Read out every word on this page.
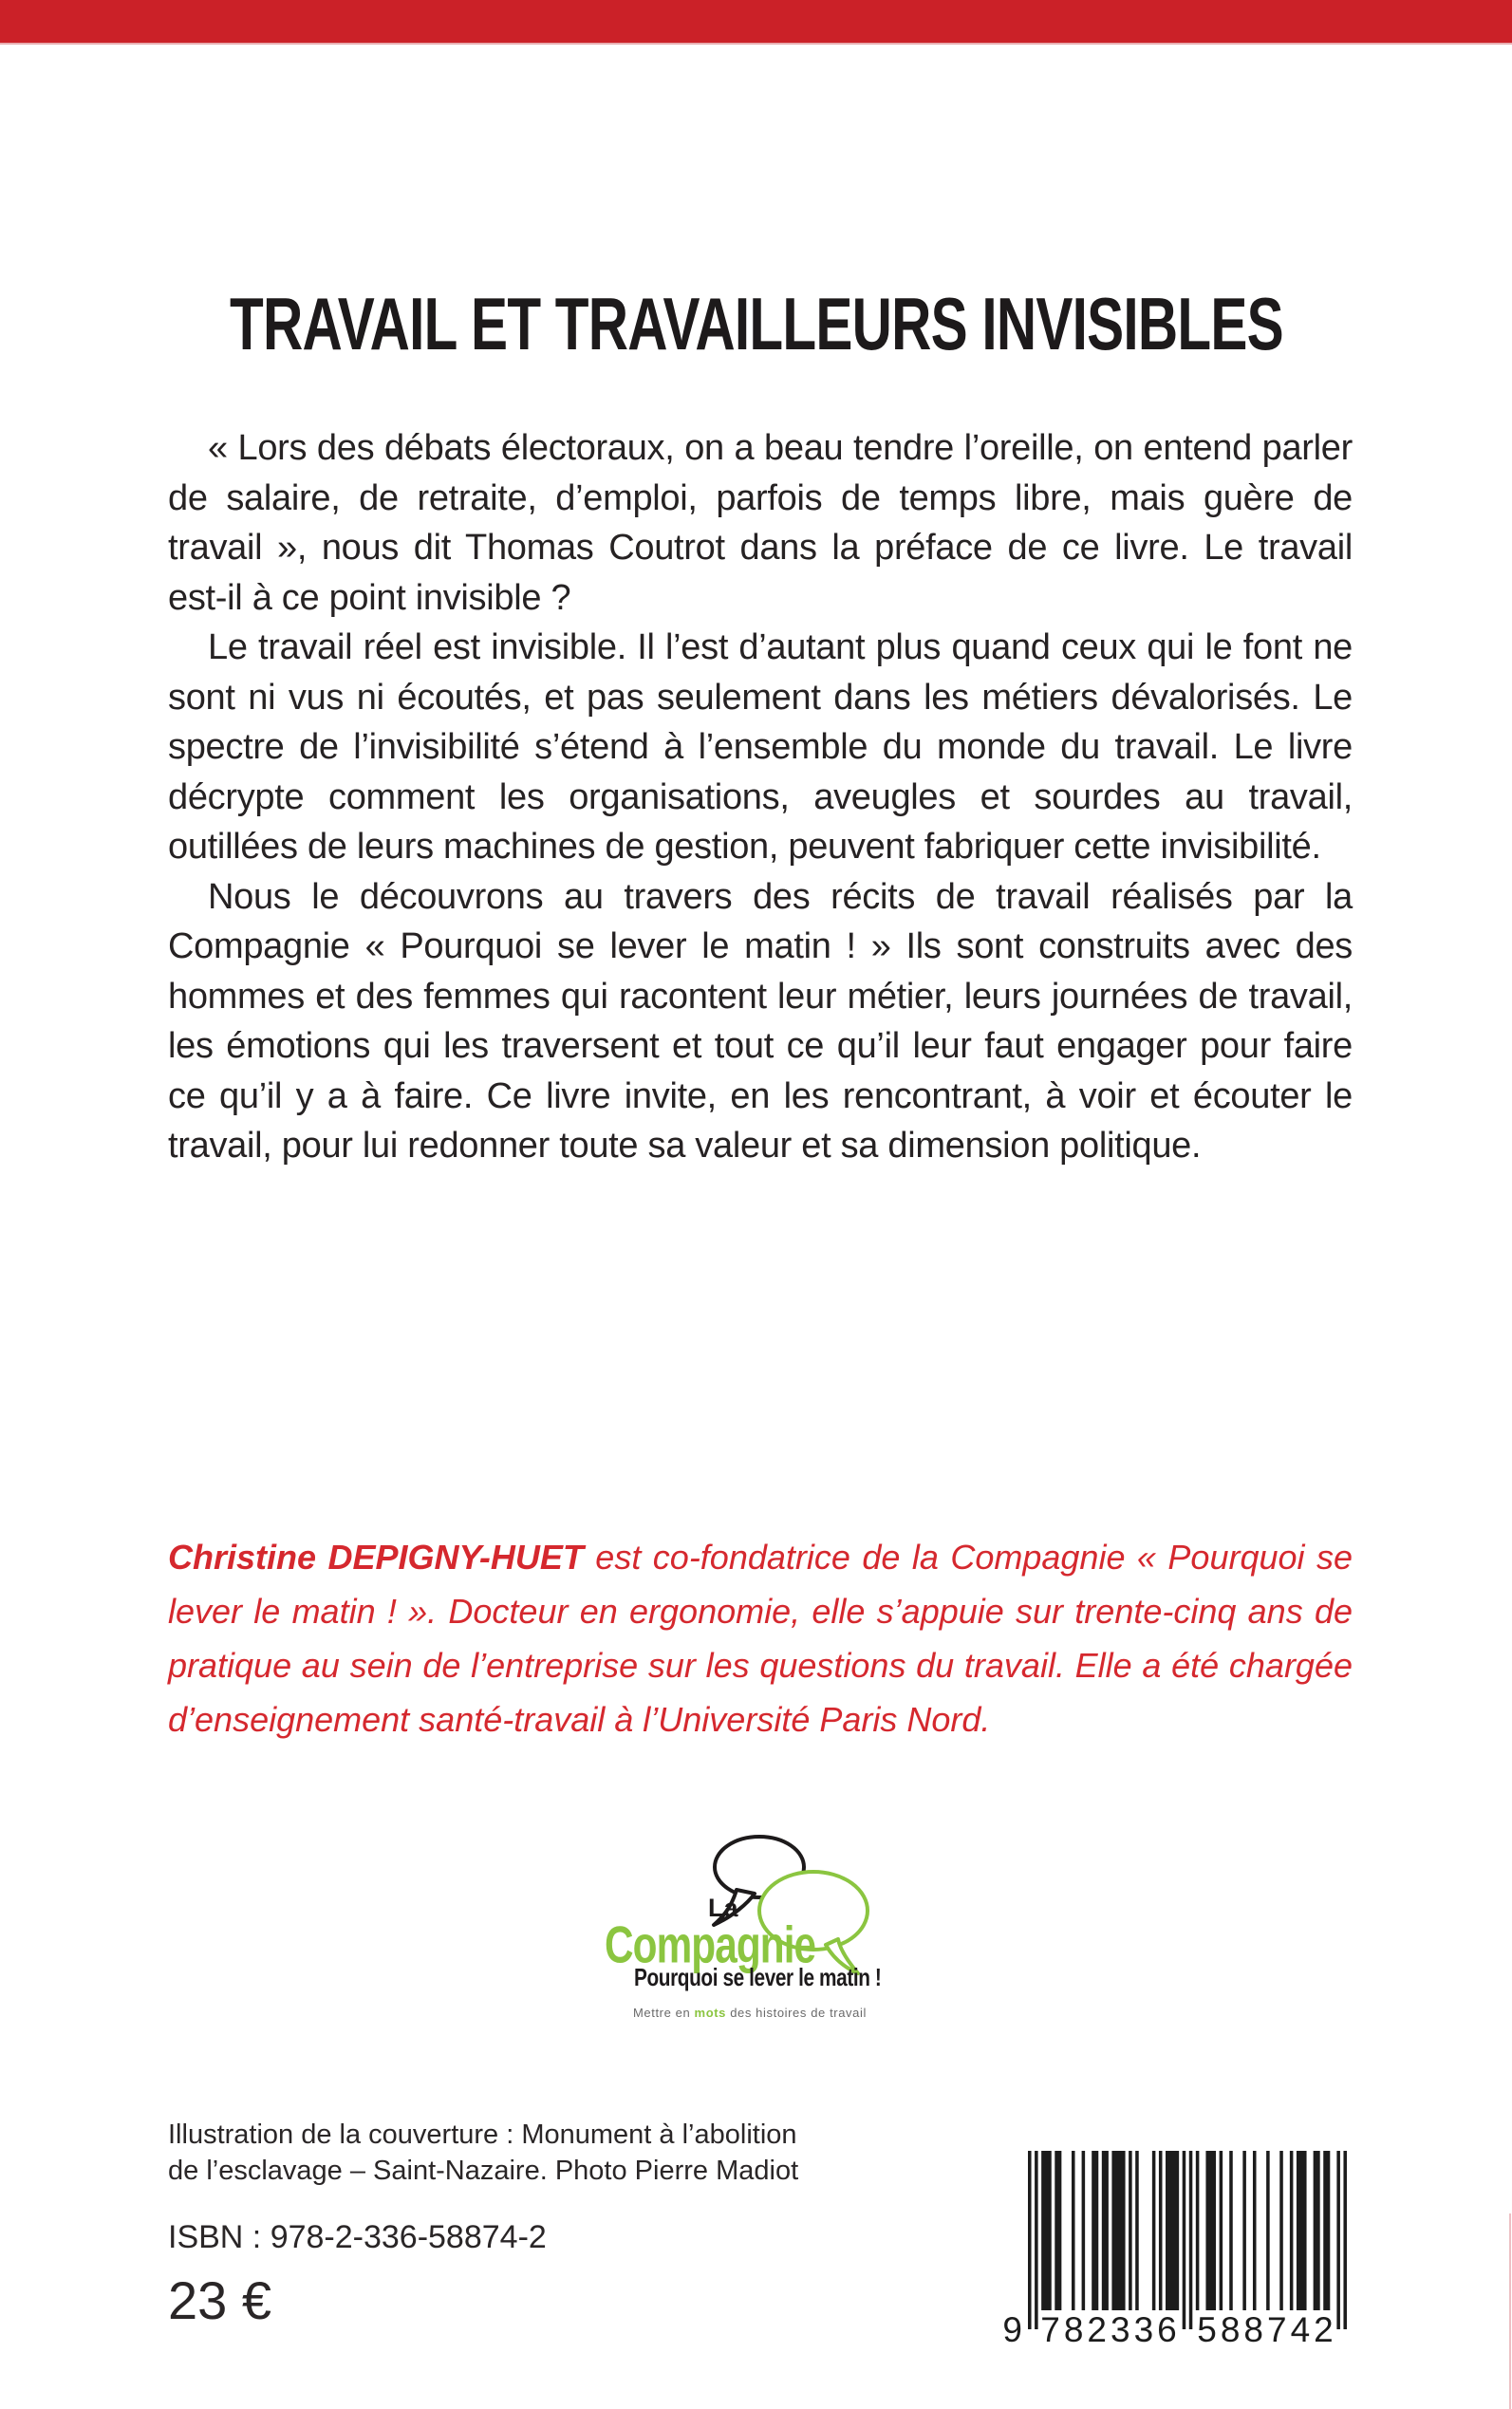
TRAVAIL ET TRAVAILLEURS INVISIBLES

« Lors des débats électoraux, on a beau tendre l’oreille, on entend parler de salaire, de retraite, d’emploi, parfois de temps libre, mais guère de travail », nous dit Thomas Coutrot dans la préface de ce livre. Le travail est-il à ce point invisible ?

Le travail réel est invisible. Il l’est d’autant plus quand ceux qui le font ne sont ni vus ni écoutés, et pas seulement dans les métiers dévalorisés. Le spectre de l’invisibilité s’étend à l’ensemble du monde du travail. Le livre décrypte comment les organisations, aveugles et sourdes au travail, outillées de leurs machines de gestion, peuvent fabriquer cette invisibilité.

Nous le découvrons au travers des récits de travail réalisés par la Compagnie « Pourquoi se lever le matin ! » Ils sont construits avec des hommes et des femmes qui racontent leur métier, leurs journées de travail, les émotions qui les traversent et tout ce qu’il leur faut engager pour faire ce qu’il y a à faire. Ce livre invite, en les rencontrant, à voir et écouter le travail, pour lui redonner toute sa valeur et sa dimension politique.

Christine DEPIGNY-HUET est co-fondatrice de la Compagnie « Pourquoi se lever le matin ! ». Docteur en ergonomie, elle s’appuie sur trente-cinq ans de pratique au sein de l’entreprise sur les questions du travail. Elle a été chargée d’enseignement santé-travail à l’Université Paris Nord.
La
Compagnie
Pourquoi se lever le matin !
Mettre en mots des histoires de travail
Illustration de la couverture : Monument à l’abolition
de l’esclavage – Saint-Nazaire. Photo Pierre Madiot
ISBN : 978-2-336-58874-2
23 €	9 782336 588742
